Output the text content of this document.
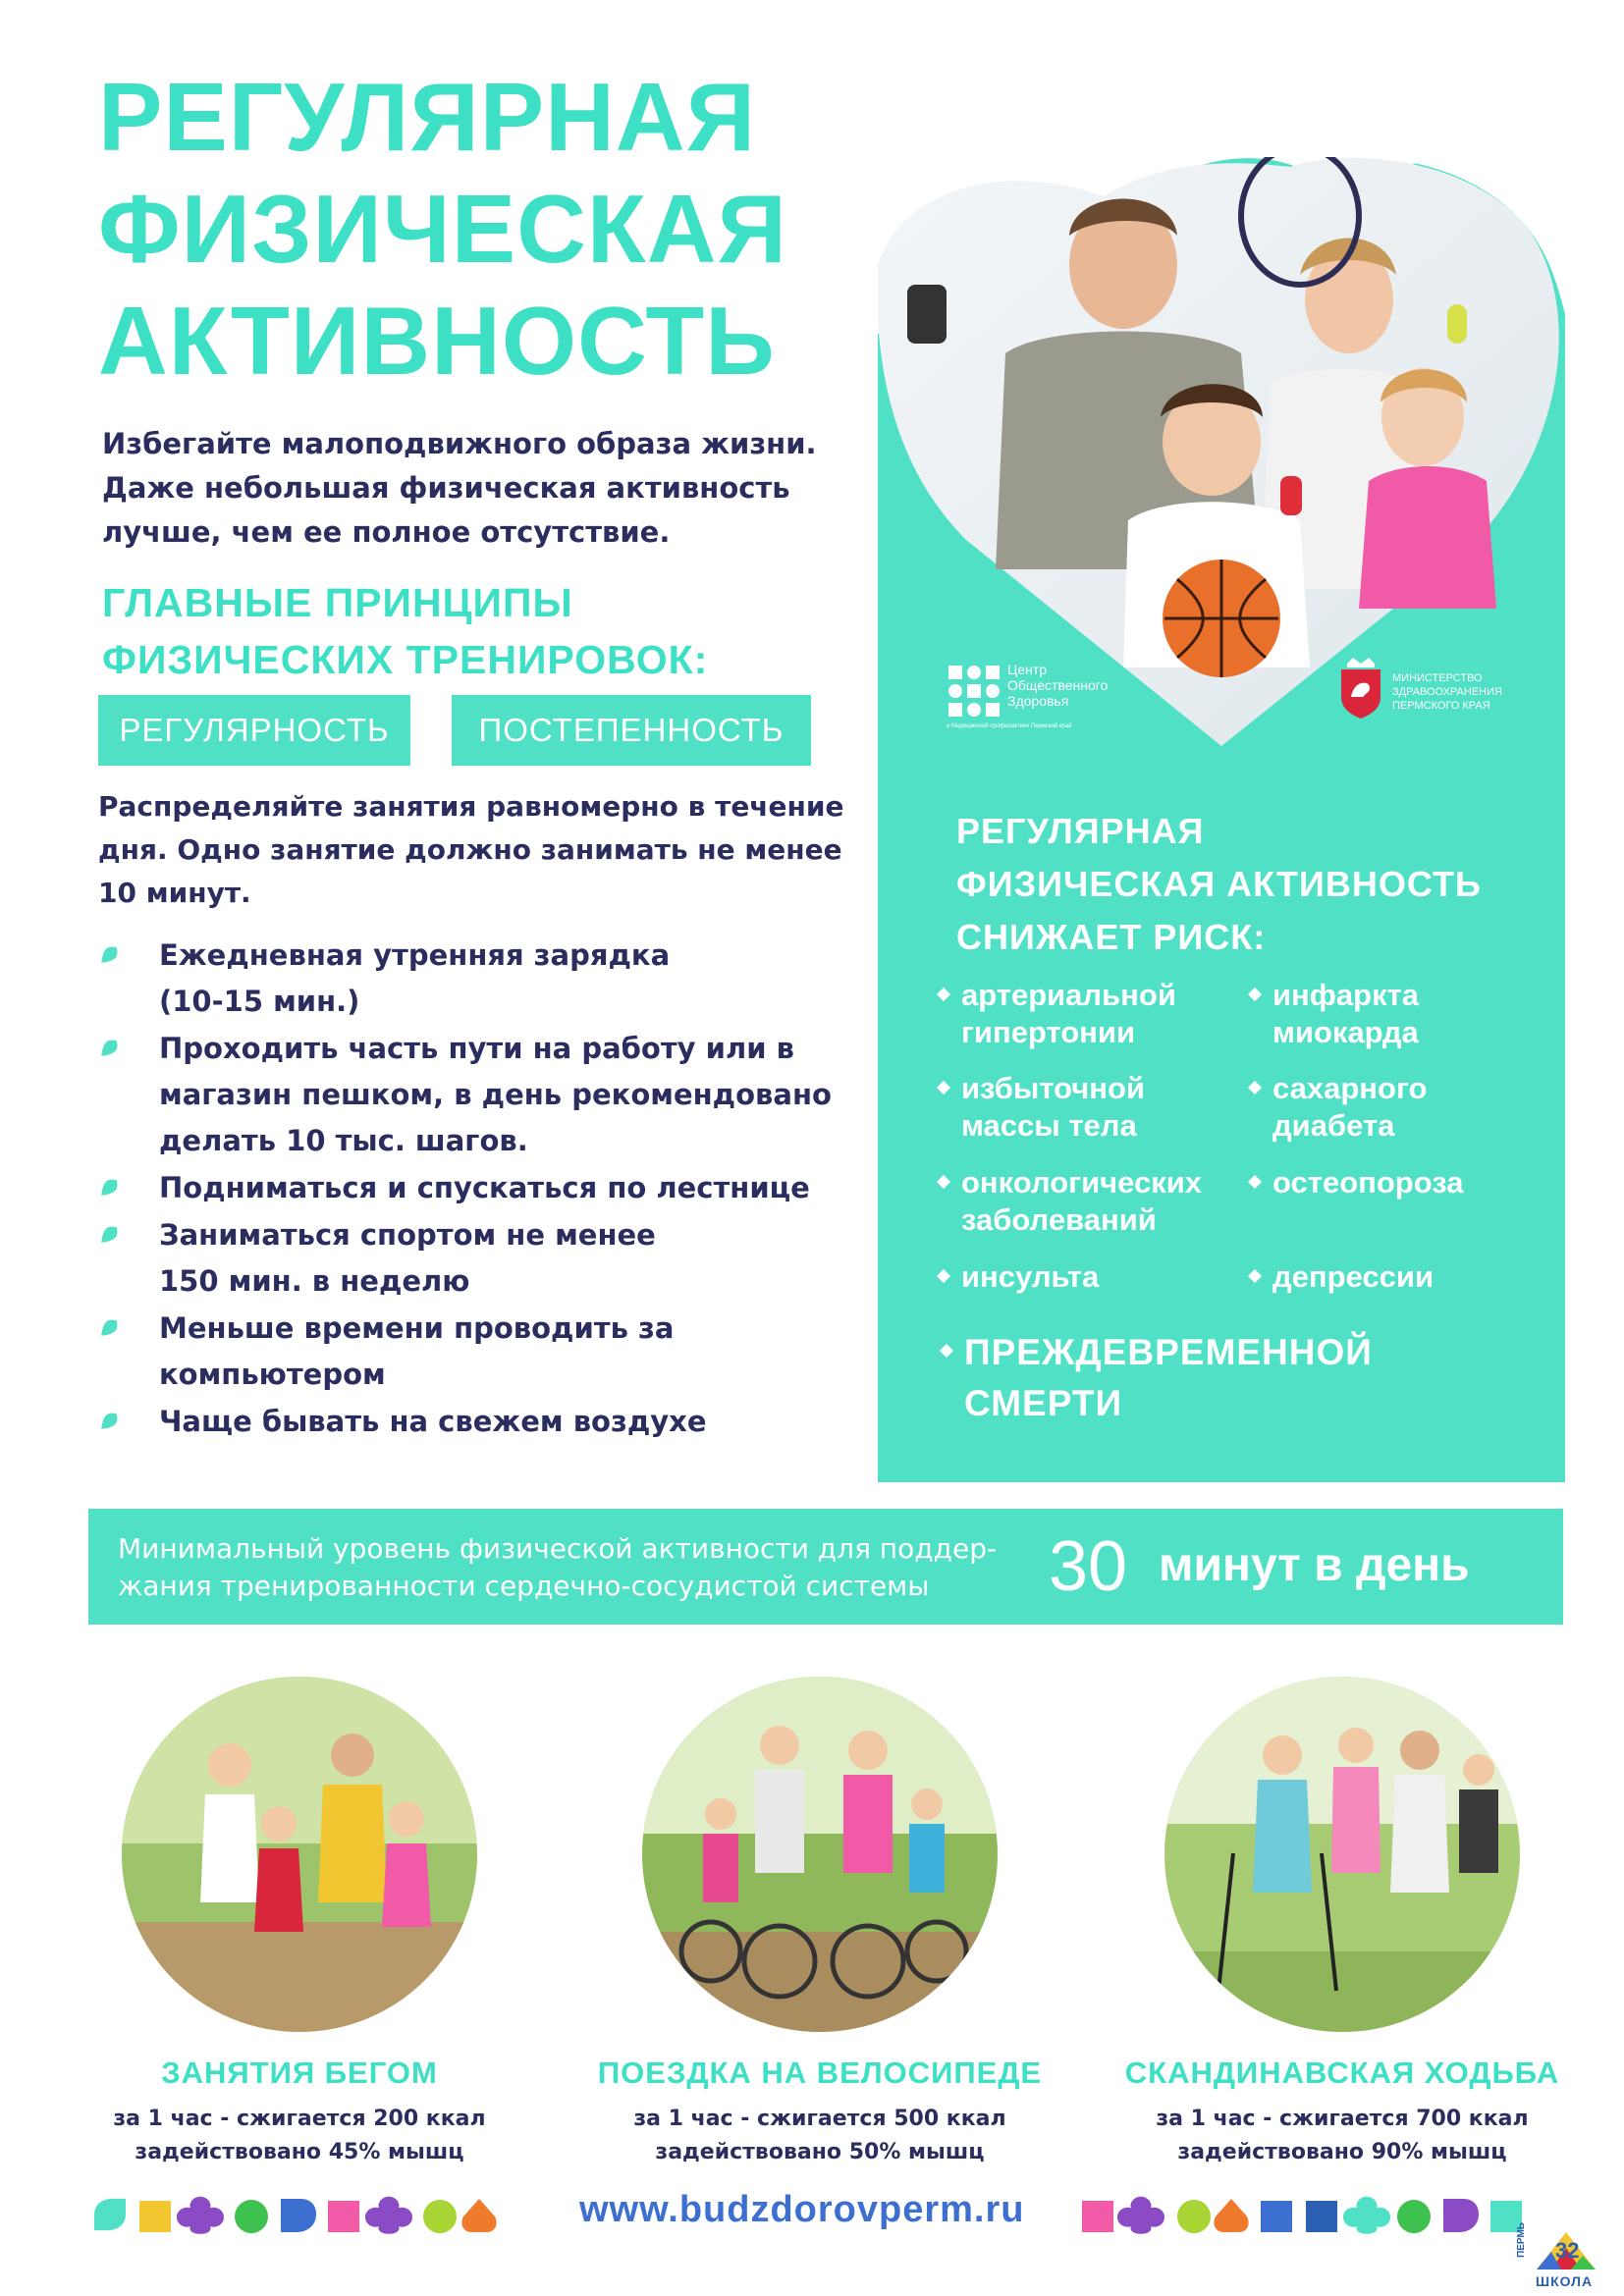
РЕГУЛЯРНАЯ
ФИЗИЧЕСКАЯ
АКТИВНОСТЬ
Избегайте малоподвижного образа жизни.
Даже небольшая физическая активность
лучше, чем ее полное отсутствие.
ГЛАВНЫЕ ПРИНЦИПЫ
ФИЗИЧЕСКИХ ТРЕНИРОВОК:
РЕГУЛЯРНОСТЬ	ПОСТЕПЕННОСТЬ
Распределяйте занятия равномерно в течение
дня. Одно занятие должно занимать не менее
10 минут.
Ежедневная утренняя зарядка
(10-15 мин.)
Проходить часть пути на работу или в
магазин пешком, в день рекомендовано
делать 10 тыс. шагов.
Подниматься и спускаться по лестнице
Заниматься спортом не менее
150 мин. в неделю
Меньше времени проводить за
компьютером
Чаще бывать на свежем воздухе
Центр
Общественного
Здоровья
и Медицинской профилактики Пермский край
МИНИСТЕРСТВО
ЗДРАВООХРАНЕНИЯ
ПЕРМСКОГО КРАЯ
РЕГУЛЯРНАЯ
ФИЗИЧЕСКАЯ АКТИВНОСТЬ
СНИЖАЕТ РИСК:
артериальной
гипертонии
избыточной
массы тела
онкологических
заболеваний
инсульта
инфаркта
миокарда
сахарного
диабета
остеопороза
депрессии
ПРЕЖДЕВРЕМЕННОЙ
СМЕРТИ
Минимальный уровень физической активности для поддер-
жания тренированности сердечно-сосудистой системы	30 минут в день
ЗАНЯТИЯ БЕГОМ
за 1 час - сжигается 200 ккал
задействовано 45% мышц
ПОЕЗДКА НА ВЕЛОСИПЕДЕ
за 1 час - сжигается 500 ккал
задействовано 50% мышц
СКАНДИНАВСКАЯ ХОДЬБА
за 1 час - сжигается 700 ккал
задействовано 90% мышц
www.budzdorovperm.ru
ПЕРМЬ
ШКОЛА
32
